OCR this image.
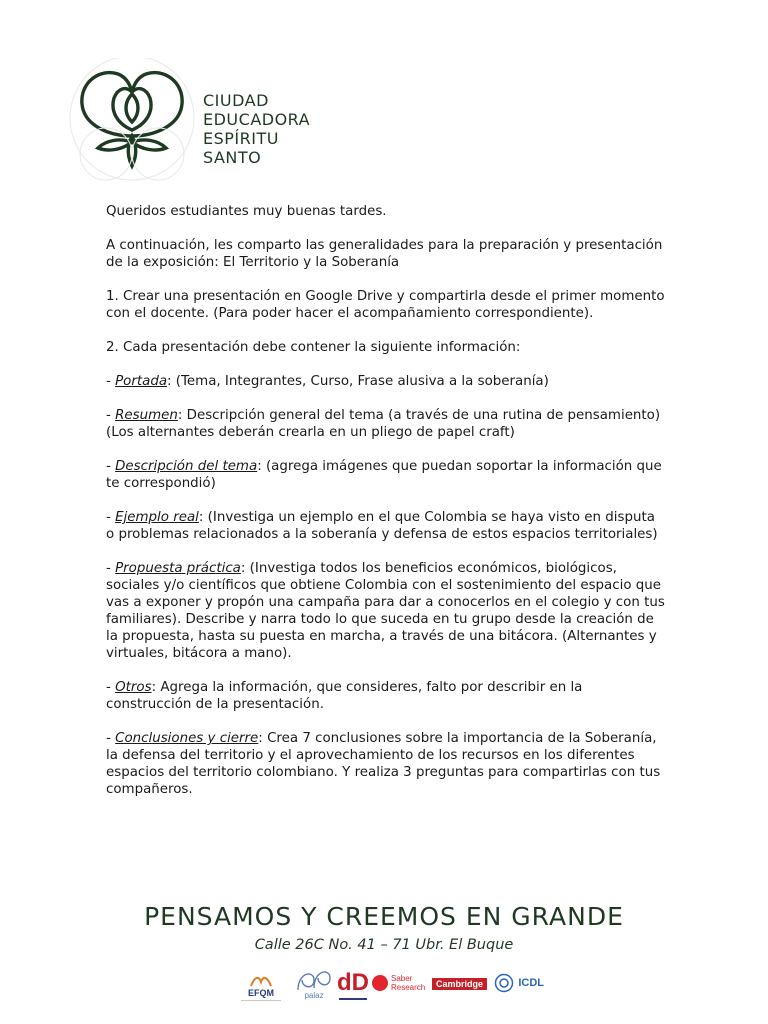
CIUDAD
EDUCADORA
ESPÍRITU
SANTO

Queridos estudiantes muy buenas tardes.

A continuación, les comparto las generalidades para la preparación y presentación de la exposición: El Territorio y la Soberanía

1. Crear una presentación en Google Drive y compartirla desde el primer momento con el docente. (Para poder hacer el acompañamiento correspondiente).

2. Cada presentación debe contener la siguiente información:

- Portada: (Tema, Integrantes, Curso, Frase alusiva a la soberanía)

- Resumen: Descripción general del tema (a través de una rutina de pensamiento) (Los alternantes deberán crearla en un pliego de papel craft)

- Descripción del tema: (agrega imágenes que puedan soportar la información que te correspondió)

- Ejemplo real: (Investiga un ejemplo en el que Colombia se haya visto en disputa o problemas relacionados a la soberanía y defensa de estos espacios territoriales)

- Propuesta práctica: (Investiga todos los beneficios económicos, biológicos, sociales y/o científicos que obtiene Colombia con el sostenimiento del espacio que vas a exponer y propón una campaña para dar a conocerlos en el colegio y con tus familiares). Describe y narra todo lo que suceda en tu grupo desde la creación de la propuesta, hasta su puesta en marcha, a través de una bitácora. (Alternantes y virtuales, bitácora a mano).

- Otros: Agrega la información, que consideres, falto por describir en la construcción de la presentación.

- Conclusiones y cierre: Crea 7 conclusiones sobre la importancia de la Soberanía, la defensa del territorio y el aprovechamiento de los recursos en los diferentes espacios del territorio colombiano. Y realiza 3 preguntas para compartirlas con tus compañeros.

PENSAMOS Y CREEMOS EN GRANDE
Calle 26C No. 41 – 71 Ubr. El Buque
EFQM	palaz dD	Saber Research	Cambridge	ICDL
